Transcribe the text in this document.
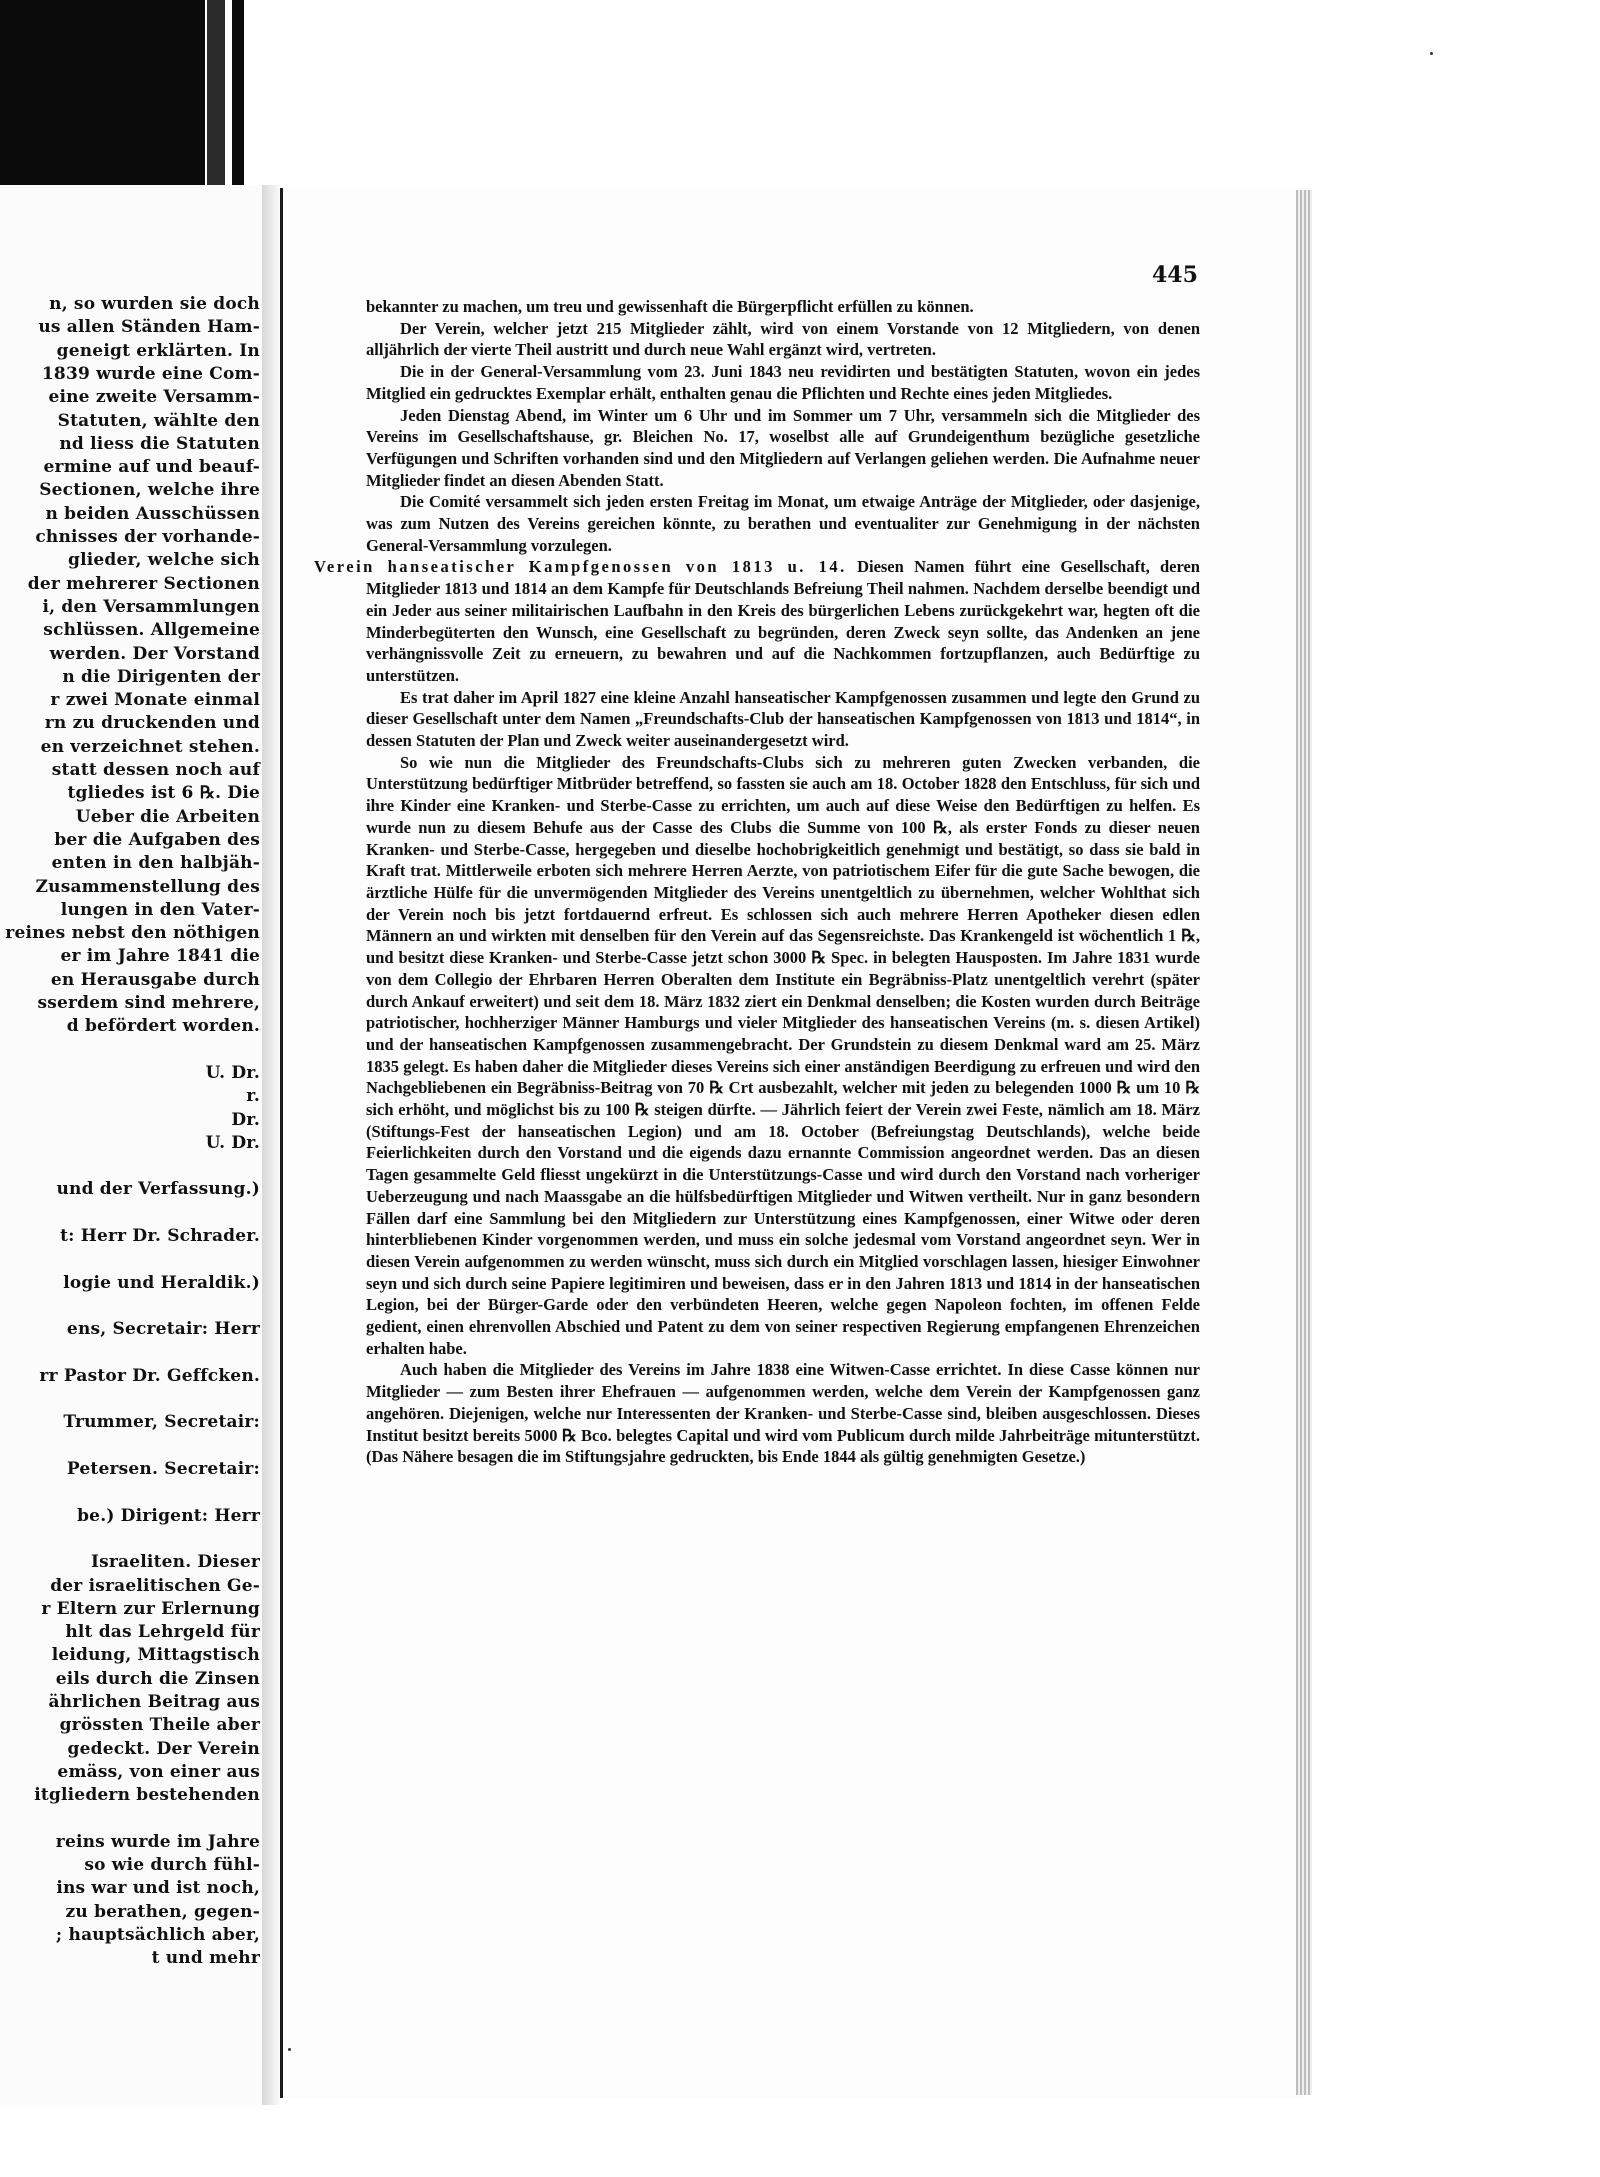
n, so wurden sie doch
us allen Ständen Ham-
geneigt erklärten. In
1839 wurde eine Com-
eine zweite Versamm-
Statuten, wählte den
nd liess die Statuten
ermine auf und beauf-
Sectionen, welche ihre
n beiden Ausschüssen
chnisses der vorhande-
glieder, welche sich
der mehrerer Sectionen
i, den Versammlungen
schlüssen. Allgemeine
werden. Der Vorstand
n die Dirigenten der
r zwei Monate einmal
rn zu druckenden und
en verzeichnet stehen.
statt dessen noch auf
tgliedes ist 6 ℞. Die
Ueber die Arbeiten
ber die Aufgaben des
enten in den halbjäh-
Zusammenstellung des
lungen in den Vater-
reines nebst den nöthigen
er im Jahre 1841 die
en Herausgabe durch
sserdem sind mehrere,
d befördert worden.
U. Dr.
r.
Dr.
U. Dr.
und der Verfassung.)
t: Herr Dr. Schrader.
logie und Heraldik.)
ens, Secretair: Herr
rr Pastor Dr. Geffcken.
Trummer, Secretair:
Petersen. Secretair:
be.) Dirigent: Herr
Israeliten. Dieser
der israelitischen Ge-
r Eltern zur Erlernung
hlt das Lehrgeld für
leidung, Mittagstisch
eils durch die Zinsen
ährlichen Beitrag aus
grössten Theile aber
gedeckt. Der Verein
emäss, von einer aus
itgliedern bestehenden
reins wurde im Jahre
so wie durch fühl-
ins war und ist noch,
zu berathen, gegen-
; hauptsächlich aber,
t und mehr
445

bekannter zu machen, um treu und gewissenhaft die Bürgerpflicht erfüllen zu können.

Der Verein, welcher jetzt 215 Mitglieder zählt, wird von einem Vorstande von 12 Mitgliedern, von denen alljährlich der vierte Theil austritt und durch neue Wahl ergänzt wird, vertreten.

Die in der General-Versammlung vom 23. Juni 1843 neu revidirten und bestätigten Statuten, wovon ein jedes Mitglied ein gedrucktes Exemplar erhält, enthalten genau die Pflichten und Rechte eines jeden Mitgliedes.

Jeden Dienstag Abend, im Winter um 6 Uhr und im Sommer um 7 Uhr, versammeln sich die Mitglieder des Vereins im Gesellschaftshause, gr. Bleichen No. 17, woselbst alle auf Grundeigenthum bezügliche gesetzliche Verfügungen und Schriften vorhanden sind und den Mitgliedern auf Verlangen geliehen werden. Die Aufnahme neuer Mitglieder findet an diesen Abenden Statt.

Die Comité versammelt sich jeden ersten Freitag im Monat, um etwaige Anträge der Mitglieder, oder dasjenige, was zum Nutzen des Vereins gereichen könnte, zu berathen und eventualiter zur Genehmigung in der nächsten General-Versammlung vorzulegen.

Verein hanseatischer Kampfgenossen von 1813 u. 14. Diesen Namen führt eine Gesellschaft, deren Mitglieder 1813 und 1814 an dem Kampfe für Deutschlands Befreiung Theil nahmen. Nachdem derselbe beendigt und ein Jeder aus seiner militairischen Laufbahn in den Kreis des bürgerlichen Lebens zurückgekehrt war, hegten oft die Minderbegüterten den Wunsch, eine Gesellschaft zu begründen, deren Zweck seyn sollte, das Andenken an jene verhängnissvolle Zeit zu erneuern, zu bewahren und auf die Nachkommen fortzupflanzen, auch Bedürftige zu unterstützen.

Es trat daher im April 1827 eine kleine Anzahl hanseatischer Kampfgenossen zusammen und legte den Grund zu dieser Gesellschaft unter dem Namen „Freundschafts-Club der hanseatischen Kampfgenossen von 1813 und 1814“, in dessen Statuten der Plan und Zweck weiter auseinandergesetzt wird.

So wie nun die Mitglieder des Freundschafts-Clubs sich zu mehreren guten Zwecken verbanden, die Unterstützung bedürftiger Mitbrüder betreffend, so fassten sie auch am 18. October 1828 den Entschluss, für sich und ihre Kinder eine Kranken- und Sterbe-Casse zu errichten, um auch auf diese Weise den Bedürftigen zu helfen. Es wurde nun zu diesem Behufe aus der Casse des Clubs die Summe von 100 ℞, als erster Fonds zu dieser neuen Kranken- und Sterbe-Casse, hergegeben und dieselbe hochobrigkeitlich genehmigt und bestätigt, so dass sie bald in Kraft trat. Mittlerweile erboten sich mehrere Herren Aerzte, von patriotischem Eifer für die gute Sache bewogen, die ärztliche Hülfe für die unvermögenden Mitglieder des Vereins unentgeltlich zu übernehmen, welcher Wohlthat sich der Verein noch bis jetzt fortdauernd erfreut. Es schlossen sich auch mehrere Herren Apotheker diesen edlen Männern an und wirkten mit denselben für den Verein auf das Segensreichste. Das Krankengeld ist wöchentlich 1 ℞, und besitzt diese Kranken- und Sterbe-Casse jetzt schon 3000 ℞ Spec. in belegten Hausposten. Im Jahre 1831 wurde von dem Collegio der Ehrbaren Herren Oberalten dem Institute ein Begräbniss-Platz unentgeltlich verehrt (später durch Ankauf erweitert) und seit dem 18. März 1832 ziert ein Denkmal denselben; die Kosten wurden durch Beiträge patriotischer, hochherziger Männer Hamburgs und vieler Mitglieder des hanseatischen Vereins (m. s. diesen Artikel) und der hanseatischen Kampfgenossen zusammengebracht. Der Grundstein zu diesem Denkmal ward am 25. März 1835 gelegt. Es haben daher die Mitglieder dieses Vereins sich einer anständigen Beerdigung zu erfreuen und wird den Nachgebliebenen ein Begräbniss-Beitrag von 70 ℞ Crt ausbezahlt, welcher mit jeden zu belegenden 1000 ℞ um 10 ℞ sich erhöht, und möglichst bis zu 100 ℞ steigen dürfte. — Jährlich feiert der Verein zwei Feste, nämlich am 18. März (Stiftungs-Fest der hanseatischen Legion) und am 18. October (Befreiungstag Deutschlands), welche beide Feierlichkeiten durch den Vorstand und die eigends dazu ernannte Commission angeordnet werden. Das an diesen Tagen gesammelte Geld fliesst ungekürzt in die Unterstützungs-Casse und wird durch den Vorstand nach vorheriger Ueberzeugung und nach Maassgabe an die hülfsbedürftigen Mitglieder und Witwen vertheilt. Nur in ganz besondern Fällen darf eine Sammlung bei den Mitgliedern zur Unterstützung eines Kampfgenossen, einer Witwe oder deren hinterbliebenen Kinder vorgenommen werden, und muss ein solche jedesmal vom Vorstand angeordnet seyn. Wer in diesen Verein aufgenommen zu werden wünscht, muss sich durch ein Mitglied vorschlagen lassen, hiesiger Einwohner seyn und sich durch seine Papiere legitimiren und beweisen, dass er in den Jahren 1813 und 1814 in der hanseatischen Legion, bei der Bürger-Garde oder den verbündeten Heeren, welche gegen Napoleon fochten, im offenen Felde gedient, einen ehrenvollen Abschied und Patent zu dem von seiner respectiven Regierung empfangenen Ehrenzeichen erhalten habe.

Auch haben die Mitglieder des Vereins im Jahre 1838 eine Witwen-Casse errichtet. In diese Casse können nur Mitglieder — zum Besten ihrer Ehefrauen — aufgenommen werden, welche dem Verein der Kampfgenossen ganz angehören. Diejenigen, welche nur Interessenten der Kranken- und Sterbe-Casse sind, bleiben ausgeschlossen. Dieses Institut besitzt bereits 5000 ℞ Bco. belegtes Capital und wird vom Publicum durch milde Jahrbeiträge mitunterstützt. (Das Nähere besagen die im Stiftungsjahre gedruckten, bis Ende 1844 als gültig genehmigten Gesetze.)
